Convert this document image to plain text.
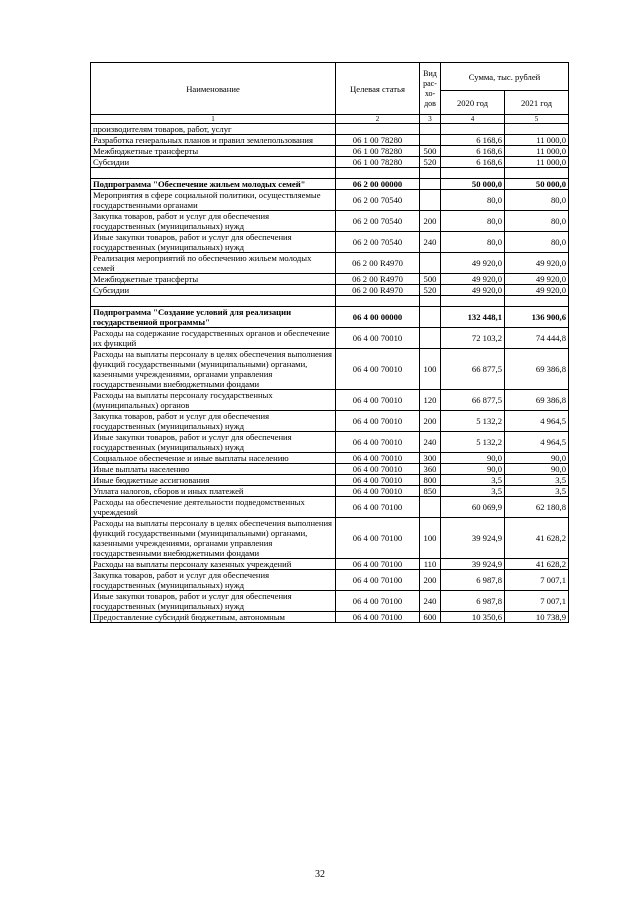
Наименование	Целевая статья	Вид рас-хо-дов	Сумма, тыс. рублей	
			2020 год	2021 год
1	2	3	4	5
производителям товаров, работ, услуг				
Разработка генеральных планов и правил землепользования	06 1 00 78280		6 168,6	11 000,0
Межбюджетные трансферты	06 1 00 78280	500	6 168,6	11 000,0
Субсидии	06 1 00 78280	520	6 168,6	11 000,0

Подпрограмма "Обеспечение жильем молодых семей"	06 2 00 00000		50 000,0	50 000,0
Мероприятия в сфере социальной политики, осуществляемые государственными органами	06 2 00 70540		80,0	80,0
Закупка товаров, работ и услуг для обеспечения государственных (муниципальных) нужд	06 2 00 70540	200	80,0	80,0
Иные закупки товаров, работ и услуг для обеспечения государственных (муниципальных) нужд	06 2 00 70540	240	80,0	80,0
Реализация мероприятий по обеспечению жильем молодых семей	06 2 00 R4970		49 920,0	49 920,0
Межбюджетные трансферты	06 2 00 R4970	500	49 920,0	49 920,0
Субсидии	06 2 00 R4970	520	49 920,0	49 920,0

Подпрограмма "Создание условий для реализации государственной программы"	06 4 00 00000		132 448,1	136 900,6
Расходы на содержание государственных органов и обеспечение их функций	06 4 00 70010		72 103,2	74 444,8
Расходы на выплаты персоналу в целях обеспечения выполнения функций государственными (муниципальными) органами, казенными учреждениями, органами управления государственными внебюджетными фондами	06 4 00 70010	100	66 877,5	69 386,8
Расходы на выплаты персоналу государственных (муниципальных) органов	06 4 00 70010	120	66 877,5	69 386,8
Закупка товаров, работ и услуг для обеспечения государственных (муниципальных) нужд	06 4 00 70010	200	5 132,2	4 964,5
Иные закупки товаров, работ и услуг для обеспечения государственных (муниципальных) нужд	06 4 00 70010	240	5 132,2	4 964,5
Социальное обеспечение и иные выплаты населению	06 4 00 70010	300	90,0	90,0
Иные выплаты населению	06 4 00 70010	360	90,0	90,0
Иные бюджетные ассигнования	06 4 00 70010	800	3,5	3,5
Уплата налогов, сборов и иных платежей	06 4 00 70010	850	3,5	3,5
Расходы на обеспечение деятельности подведомственных учреждений	06 4 00 70100		60 069,9	62 180,8
Расходы на выплаты персоналу в целях обеспечения выполнения функций государственными (муниципальными) органами, казенными учреждениями, органами управления государственными внебюджетными фондами	06 4 00 70100	100	39 924,9	41 628,2
Расходы на выплаты персоналу казенных учреждений	06 4 00 70100	110	39 924,9	41 628,2
Закупка товаров, работ и услуг для обеспечения государственных (муниципальных) нужд	06 4 00 70100	200	6 987,8	7 007,1
Иные закупки товаров, работ и услуг для обеспечения государственных (муниципальных) нужд	06 4 00 70100	240	6 987,8	7 007,1
Предоставление субсидий бюджетным, автономным	06 4 00 70100	600	10 350,6	10 738,9
32
